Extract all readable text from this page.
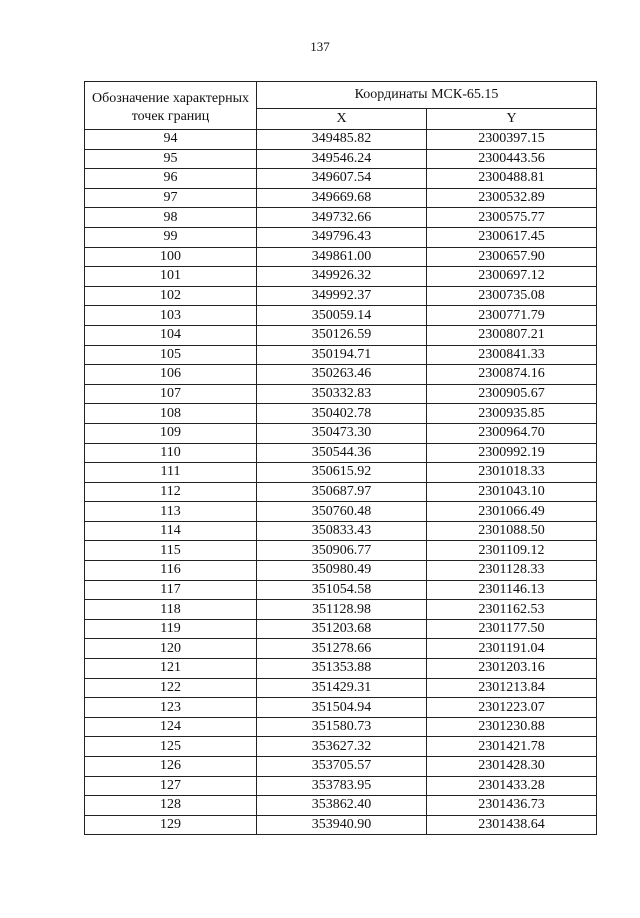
137
Обозначение характерных точек границ	Координаты МСК-65.15	
	X	Y
94	349485.82	2300397.15
95	349546.24	2300443.56
96	349607.54	2300488.81
97	349669.68	2300532.89
98	349732.66	2300575.77
99	349796.43	2300617.45
100	349861.00	2300657.90
101	349926.32	2300697.12
102	349992.37	2300735.08
103	350059.14	2300771.79
104	350126.59	2300807.21
105	350194.71	2300841.33
106	350263.46	2300874.16
107	350332.83	2300905.67
108	350402.78	2300935.85
109	350473.30	2300964.70
110	350544.36	2300992.19
111	350615.92	2301018.33
112	350687.97	2301043.10
113	350760.48	2301066.49
114	350833.43	2301088.50
115	350906.77	2301109.12
116	350980.49	2301128.33
117	351054.58	2301146.13
118	351128.98	2301162.53
119	351203.68	2301177.50
120	351278.66	2301191.04
121	351353.88	2301203.16
122	351429.31	2301213.84
123	351504.94	2301223.07
124	351580.73	2301230.88
125	353627.32	2301421.78
126	353705.57	2301428.30
127	353783.95	2301433.28
128	353862.40	2301436.73
129	353940.90	2301438.64
